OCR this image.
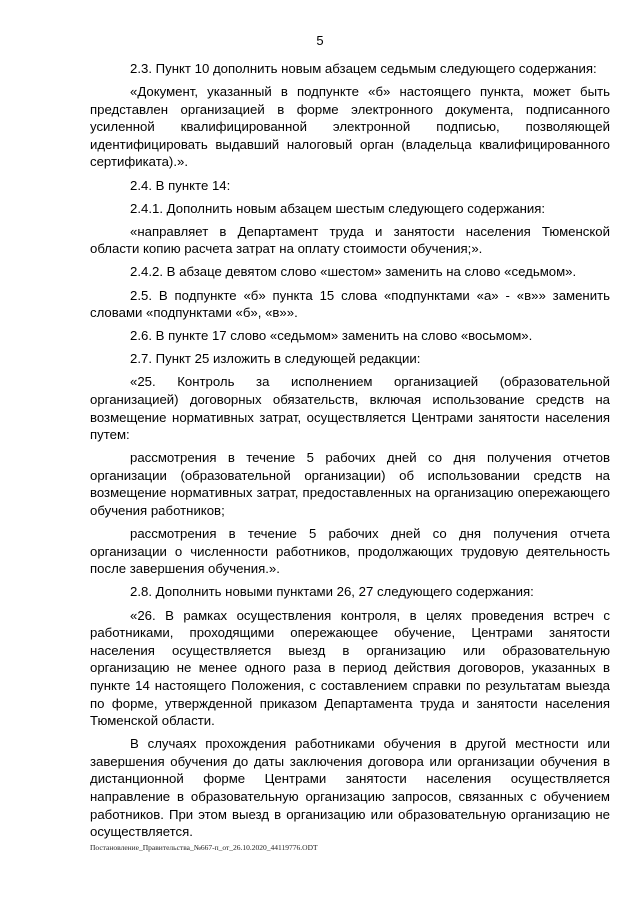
5

2.3. Пункт 10 дополнить новым абзацем седьмым следующего содержания:

«Документ, указанный в подпункте «б» настоящего пункта, может быть представлен организацией в форме электронного документа, подписанного усиленной квалифицированной электронной подписью, позволяющей идентифицировать выдавший налоговый орган (владельца квалифицированного сертификата).».

2.4. В пункте 14:

2.4.1. Дополнить новым абзацем шестым следующего содержания:

«направляет в Департамент труда и занятости населения Тюменской области копию расчета затрат на оплату стоимости обучения;».

2.4.2. В абзаце девятом слово «шестом» заменить на слово «седьмом».

2.5. В подпункте «б» пункта 15 слова «подпунктами «а» - «в»» заменить словами «подпунктами «б», «в»».

2.6. В пункте 17 слово «седьмом» заменить на слово «восьмом».

2.7. Пункт 25 изложить в следующей редакции:

«25. Контроль за исполнением организацией (образовательной организацией) договорных обязательств, включая использование средств на возмещение нормативных затрат, осуществляется Центрами занятости населения путем:

рассмотрения в течение 5 рабочих дней со дня получения отчетов организации (образовательной организации) об использовании средств на возмещение нормативных затрат, предоставленных на организацию опережающего обучения работников;

рассмотрения в течение 5 рабочих дней со дня получения отчета организации о численности работников, продолжающих трудовую деятельность после завершения обучения.».

2.8. Дополнить новыми пунктами 26, 27 следующего содержания:

«26. В рамках осуществления контроля, в целях проведения встреч с работниками, проходящими опережающее обучение, Центрами занятости населения осуществляется выезд в организацию или образовательную организацию не менее одного раза в период действия договоров, указанных в пункте 14 настоящего Положения, с составлением справки по результатам выезда по форме, утвержденной приказом Департамента труда и занятости населения Тюменской области.

В случаях прохождения работниками обучения в другой местности или завершения обучения до даты заключения договора или организации обучения в дистанционной форме Центрами занятости населения осуществляется направление в образовательную организацию запросов, связанных с обучением работников. При этом выезд в организацию или образовательную организацию не осуществляется.

Постановление_Правительства_№667-п_от_26.10.2020_44119776.ODT
